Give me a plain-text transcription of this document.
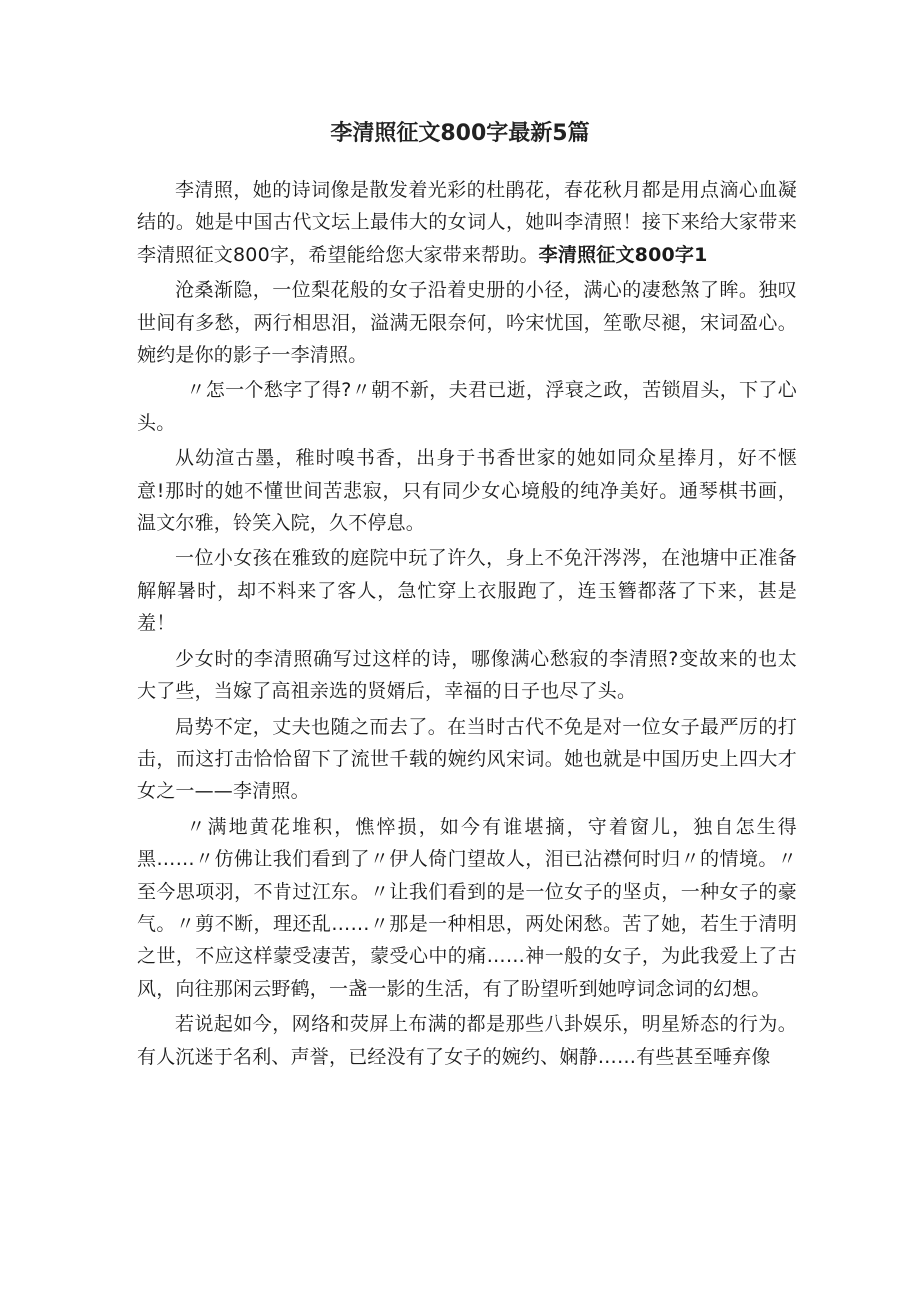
李清照征文800字最新5篇

李清照，她的诗词像是散发着光彩的杜鹃花，春花秋月都是用点滴心血凝结的。她是中国古代文坛上最伟大的女词人，她叫李清照！接下来给大家带来李清照征文800字，希望能给您大家带来帮助。李清照征文800字1

沧桑渐隐，一位梨花般的女子沿着史册的小径，满心的凄愁煞了眸。独叹世间有多愁，两行相思泪，溢满无限奈何，吟宋忧国，笙歌尽褪，宋词盈心。婉约是你的影子一李清照。

〃怎一个愁字了得?〃朝不新，夫君已逝，浮衰之政，苦锁眉头，下了心头。

从幼渲古墨，稚时嗅书香，出身于书香世家的她如同众星捧月，好不惬意!那时的她不懂世间苦悲寂，只有同少女心境般的纯净美好。通琴棋书画，温文尔雅，铃笑入院，久不停息。

一位小女孩在雅致的庭院中玩了许久，身上不免汗涔涔，在池塘中正准备解解暑时，却不料来了客人，急忙穿上衣服跑了，连玉簪都落了下来，甚是羞！

少女时的李清照确写过这样的诗，哪像满心愁寂的李清照?变故来的也太大了些，当嫁了高祖亲选的贤婿后，幸福的日子也尽了头。

局势不定，丈夫也随之而去了。在当时古代不免是对一位女子最严厉的打击，而这打击恰恰留下了流世千载的婉约风宋词。她也就是中国历史上四大才女之一——李清照。

〃满地黄花堆积，憔悴损，如今有谁堪摘，守着窗儿，独自怎生得黑……〃仿佛让我们看到了〃伊人倚门望故人，泪已沾襟何时归〃的情境。〃至今思项羽，不肯过江东。〃让我们看到的是一位女子的坚贞，一种女子的豪气。〃剪不断，理还乱……〃那是一种相思，两处闲愁。苦了她，若生于清明之世，不应这样蒙受凄苦，蒙受心中的痛……神一般的女子，为此我爱上了古风，向往那闲云野鹤，一盏一影的生活，有了盼望听到她哼词念词的幻想。

若说起如今，网络和荧屏上布满的都是那些八卦娱乐，明星矫态的行为。有人沉迷于名利、声誉，已经没有了女子的婉约、娴静……有些甚至唾弃像
